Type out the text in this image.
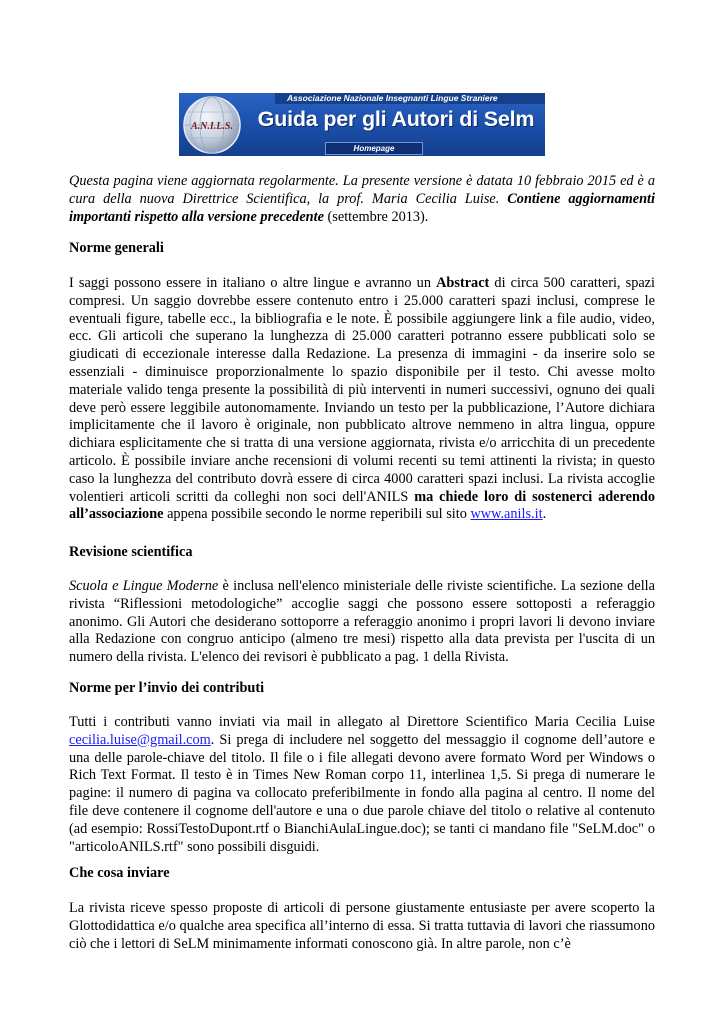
A.N.I.L.S.
Associazione Nazionale Insegnanti Lingue Straniere
Guida per gli Autori di Selm
Homepage
Questa pagina viene aggiornata regolarmente. La presente versione è datata 10 febbraio 2015 ed è a cura della nuova Direttrice Scientifica, la prof. Maria Cecilia Luise. Contiene aggiornamenti importanti rispetto alla versione precedente (settembre 2013).
Norme generali
I saggi possono essere in italiano o altre lingue e avranno un Abstract di circa 500 caratteri, spazi compresi. Un saggio dovrebbe essere contenuto entro i 25.000 caratteri spazi inclusi, comprese le eventuali figure, tabelle ecc., la bibliografia e le note. È possibile aggiungere link a file audio, video, ecc. Gli articoli che superano la lunghezza di 25.000 caratteri potranno essere pubblicati solo se giudicati di eccezionale interesse dalla Redazione. La presenza di immagini - da inserire solo se essenziali - diminuisce proporzionalmente lo spazio disponibile per il testo. Chi avesse molto materiale valido tenga presente la possibilità di più interventi in numeri successivi, ognuno dei quali deve però essere leggibile autonomamente. Inviando un testo per la pubblicazione, l’Autore dichiara implicitamente che il lavoro è originale, non pubblicato altrove nemmeno in altra lingua, oppure dichiara esplicitamente che si tratta di una versione aggiornata, rivista e/o arricchita di un precedente articolo. È possibile inviare anche recensioni di volumi recenti su temi attinenti la rivista; in questo caso la lunghezza del contributo dovrà essere di circa 4000 caratteri spazi inclusi. La rivista accoglie volentieri articoli scritti da colleghi non soci dell'ANILS ma chiede loro di sostenerci aderendo all’associazione appena possibile secondo le norme reperibili sul sito www.anils.it.
Revisione scientifica
Scuola e Lingue Moderne è inclusa nell'elenco ministeriale delle riviste scientifiche. La sezione della rivista “Riflessioni metodologiche” accoglie saggi che possono essere sottoposti a referaggio anonimo. Gli Autori che desiderano sottoporre a referaggio anonimo i propri lavori li devono inviare alla Redazione con congruo anticipo (almeno tre mesi) rispetto alla data prevista per l'uscita di un numero della rivista. L'elenco dei revisori è pubblicato a pag. 1 della Rivista.
Norme per l’invio dei contributi
Tutti i contributi vanno inviati via mail in allegato al Direttore Scientifico Maria Cecilia Luise cecilia.luise@gmail.com. Si prega di includere nel soggetto del messaggio il cognome dell’autore e una delle parole-chiave del titolo. Il file o i file allegati devono avere formato Word per Windows o Rich Text Format. Il testo è in Times New Roman corpo 11, interlinea 1,5. Si prega di numerare le pagine: il numero di pagina va collocato preferibilmente in fondo alla pagina al centro. Il nome del file deve contenere il cognome dell'autore e una o due parole chiave del titolo o relative al contenuto (ad esempio: RossiTestoDupont.rtf o BianchiAulaLingue.doc); se tanti ci mandano file "SeLM.doc" o "articoloANILS.rtf" sono possibili disguidi.
Che cosa inviare
La rivista riceve spesso proposte di articoli di persone giustamente entusiaste per avere scoperto la Glottodidattica e/o qualche area specifica all’interno di essa. Si tratta tuttavia di lavori che riassumono ciò che i lettori di SeLM minimamente informati conoscono già. In altre parole, non c’è
